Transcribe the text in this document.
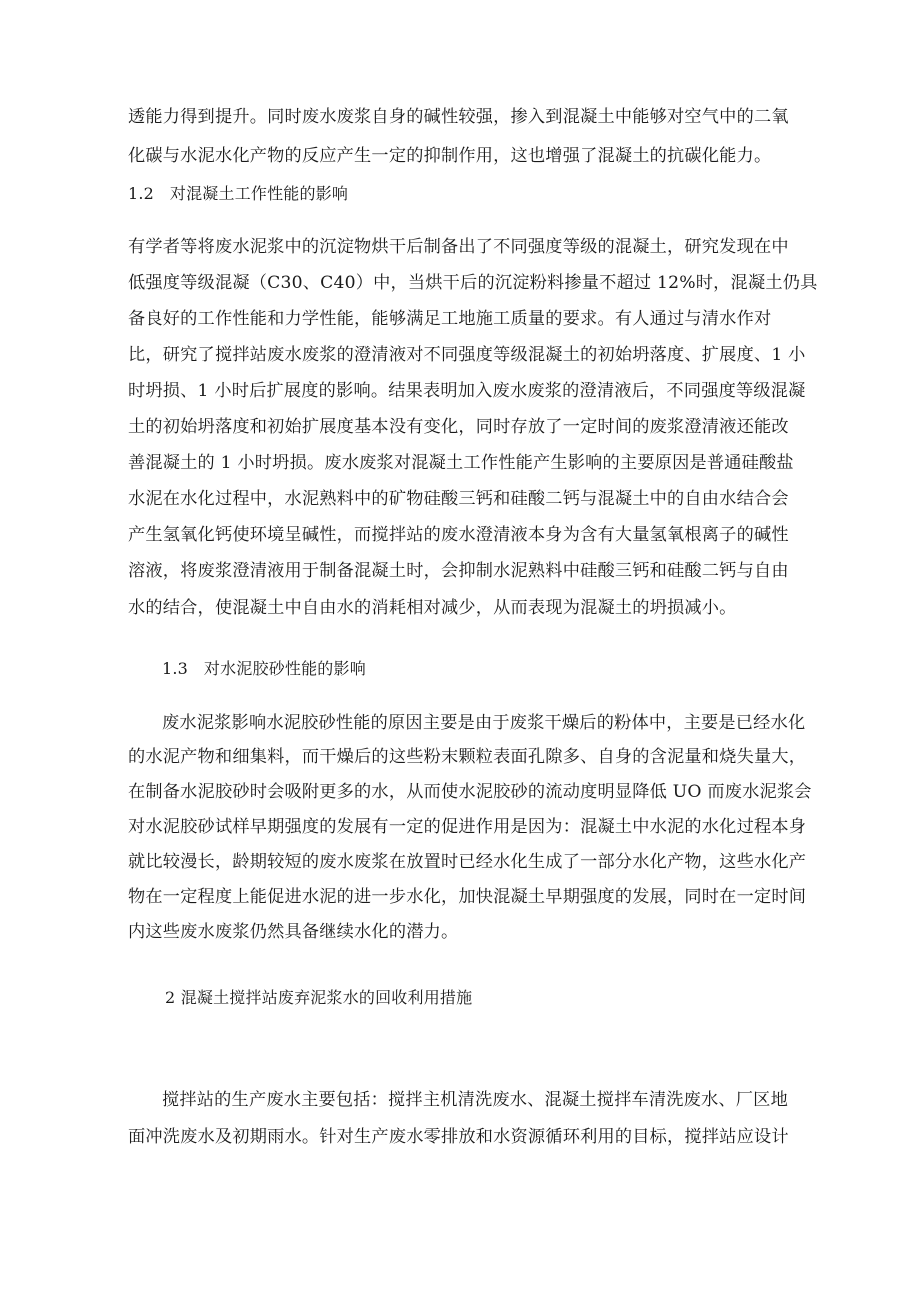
透能力得到提升。同时废水废浆自身的碱性较强，掺入到混凝土中能够对空气中的二氧
化碳与水泥水化产物的反应产生一定的抑制作用，这也增强了混凝土的抗碳化能力。
1.2 对混凝土工作性能的影响
有学者等将废水泥浆中的沉淀物烘干后制备出了不同强度等级的混凝土，研究发现在中
低强度等级混凝（C30、C40）中，当烘干后的沉淀粉料掺量不超过 12%时，混凝土仍具
备良好的工作性能和力学性能，能够满足工地施工质量的要求。有人通过与清水作对
比，研究了搅拌站废水废浆的澄清液对不同强度等级混凝土的初始坍落度、扩展度、1 小
时坍损、1 小时后扩展度的影响。结果表明加入废水废浆的澄清液后，不同强度等级混凝
土的初始坍落度和初始扩展度基本没有变化，同时存放了一定时间的废浆澄清液还能改
善混凝土的 1 小时坍损。废水废浆对混凝土工作性能产生影响的主要原因是普通硅酸盐
水泥在水化过程中，水泥熟料中的矿物硅酸三钙和硅酸二钙与混凝土中的自由水结合会
产生氢氧化钙使环境呈碱性，而搅拌站的废水澄清液本身为含有大量氢氧根离子的碱性
溶液，将废浆澄清液用于制备混凝土时，会抑制水泥熟料中硅酸三钙和硅酸二钙与自由
水的结合，使混凝土中自由水的消耗相对减少，从而表现为混凝土的坍损减小。
1.3 对水泥胶砂性能的影响
废水泥浆影响水泥胶砂性能的原因主要是由于废浆干燥后的粉体中，主要是已经水化
的水泥产物和细集料，而干燥后的这些粉末颗粒表面孔隙多、自身的含泥量和烧失量大，
在制备水泥胶砂时会吸附更多的水，从而使水泥胶砂的流动度明显降低 UO 而废水泥浆会
对水泥胶砂试样早期强度的发展有一定的促进作用是因为：混凝土中水泥的水化过程本身
就比较漫长，龄期较短的废水废浆在放置时已经水化生成了一部分水化产物，这些水化产
物在一定程度上能促进水泥的进一步水化，加快混凝土早期强度的发展，同时在一定时间
内这些废水废浆仍然具备继续水化的潜力。
2 混凝土搅拌站废弃泥浆水的回收利用措施
搅拌站的生产废水主要包括：搅拌主机清洗废水、混凝土搅拌车清洗废水、厂区地
面冲洗废水及初期雨水。针对生产废水零排放和水资源循环利用的目标，搅拌站应设计
